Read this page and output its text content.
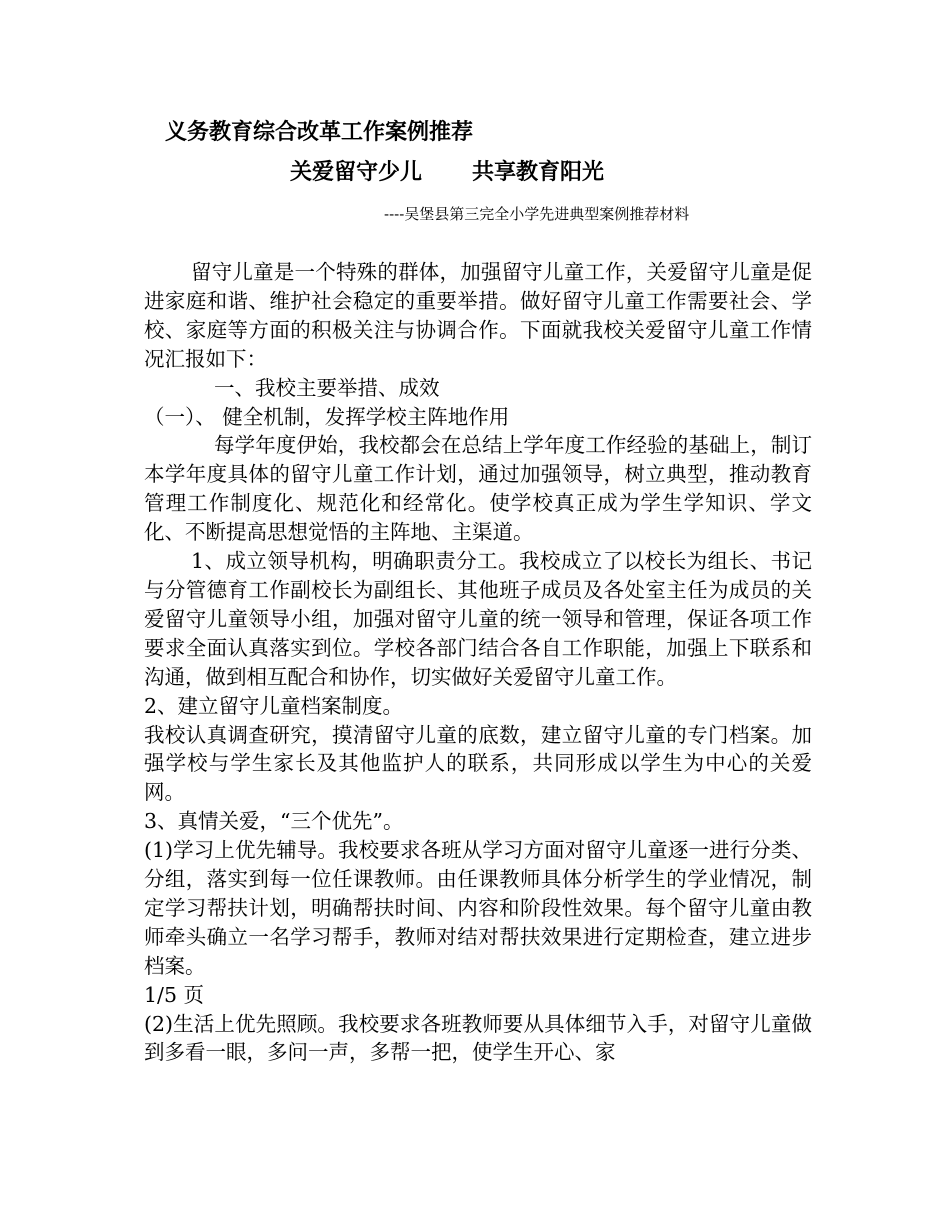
义务教育综合改革工作案例推荐
关爱留守少儿 共享教育阳光
----吴堡县第三完全小学先进典型案例推荐材料

留守儿童是一个特殊的群体，加强留守儿童工作，关爱留守儿童是促进家庭和谐、维护社会稳定的重要举措。做好留守儿童工作需要社会、学校、家庭等方面的积极关注与协调合作。下面就我校关爱留守儿童工作情况汇报如下：

一、我校主要举措、成效

（一）、 健全机制，发挥学校主阵地作用

每学年度伊始，我校都会在总结上学年度工作经验的基础上，制订本学年度具体的留守儿童工作计划，通过加强领导，树立典型，推动教育管理工作制度化、规范化和经常化。使学校真正成为学生学知识、学文化、不断提高思想觉悟的主阵地、主渠道。

1、成立领导机构，明确职责分工。我校成立了以校长为组长、书记与分管德育工作副校长为副组长、其他班子成员及各处室主任为成员的关爱留守儿童领导小组，加强对留守儿童的统一领导和管理，保证各项工作要求全面认真落实到位。学校各部门结合各自工作职能，加强上下联系和沟通，做到相互配合和协作，切实做好关爱留守儿童工作。

2、建立留守儿童档案制度。

我校认真调查研究，摸清留守儿童的底数，建立留守儿童的专门档案。加强学校与学生家长及其他监护人的联系，共同形成以学生为中心的关爱网。

3、真情关爱，“三个优先”。

(1)学习上优先辅导。我校要求各班从学习方面对留守儿童逐一进行分类、分组，落实到每一位任课教师。由任课教师具体分析学生的学业情况，制定学习帮扶计划，明确帮扶时间、内容和阶段性效果。每个留守儿童由教师牵头确立一名学习帮手，教师对结对帮扶效果进行定期检查，建立进步档案。

1/5 页

(2)生活上优先照顾。我校要求各班教师要从具体细节入手，对留守儿童做到多看一眼，多问一声，多帮一把，使学生开心、家
